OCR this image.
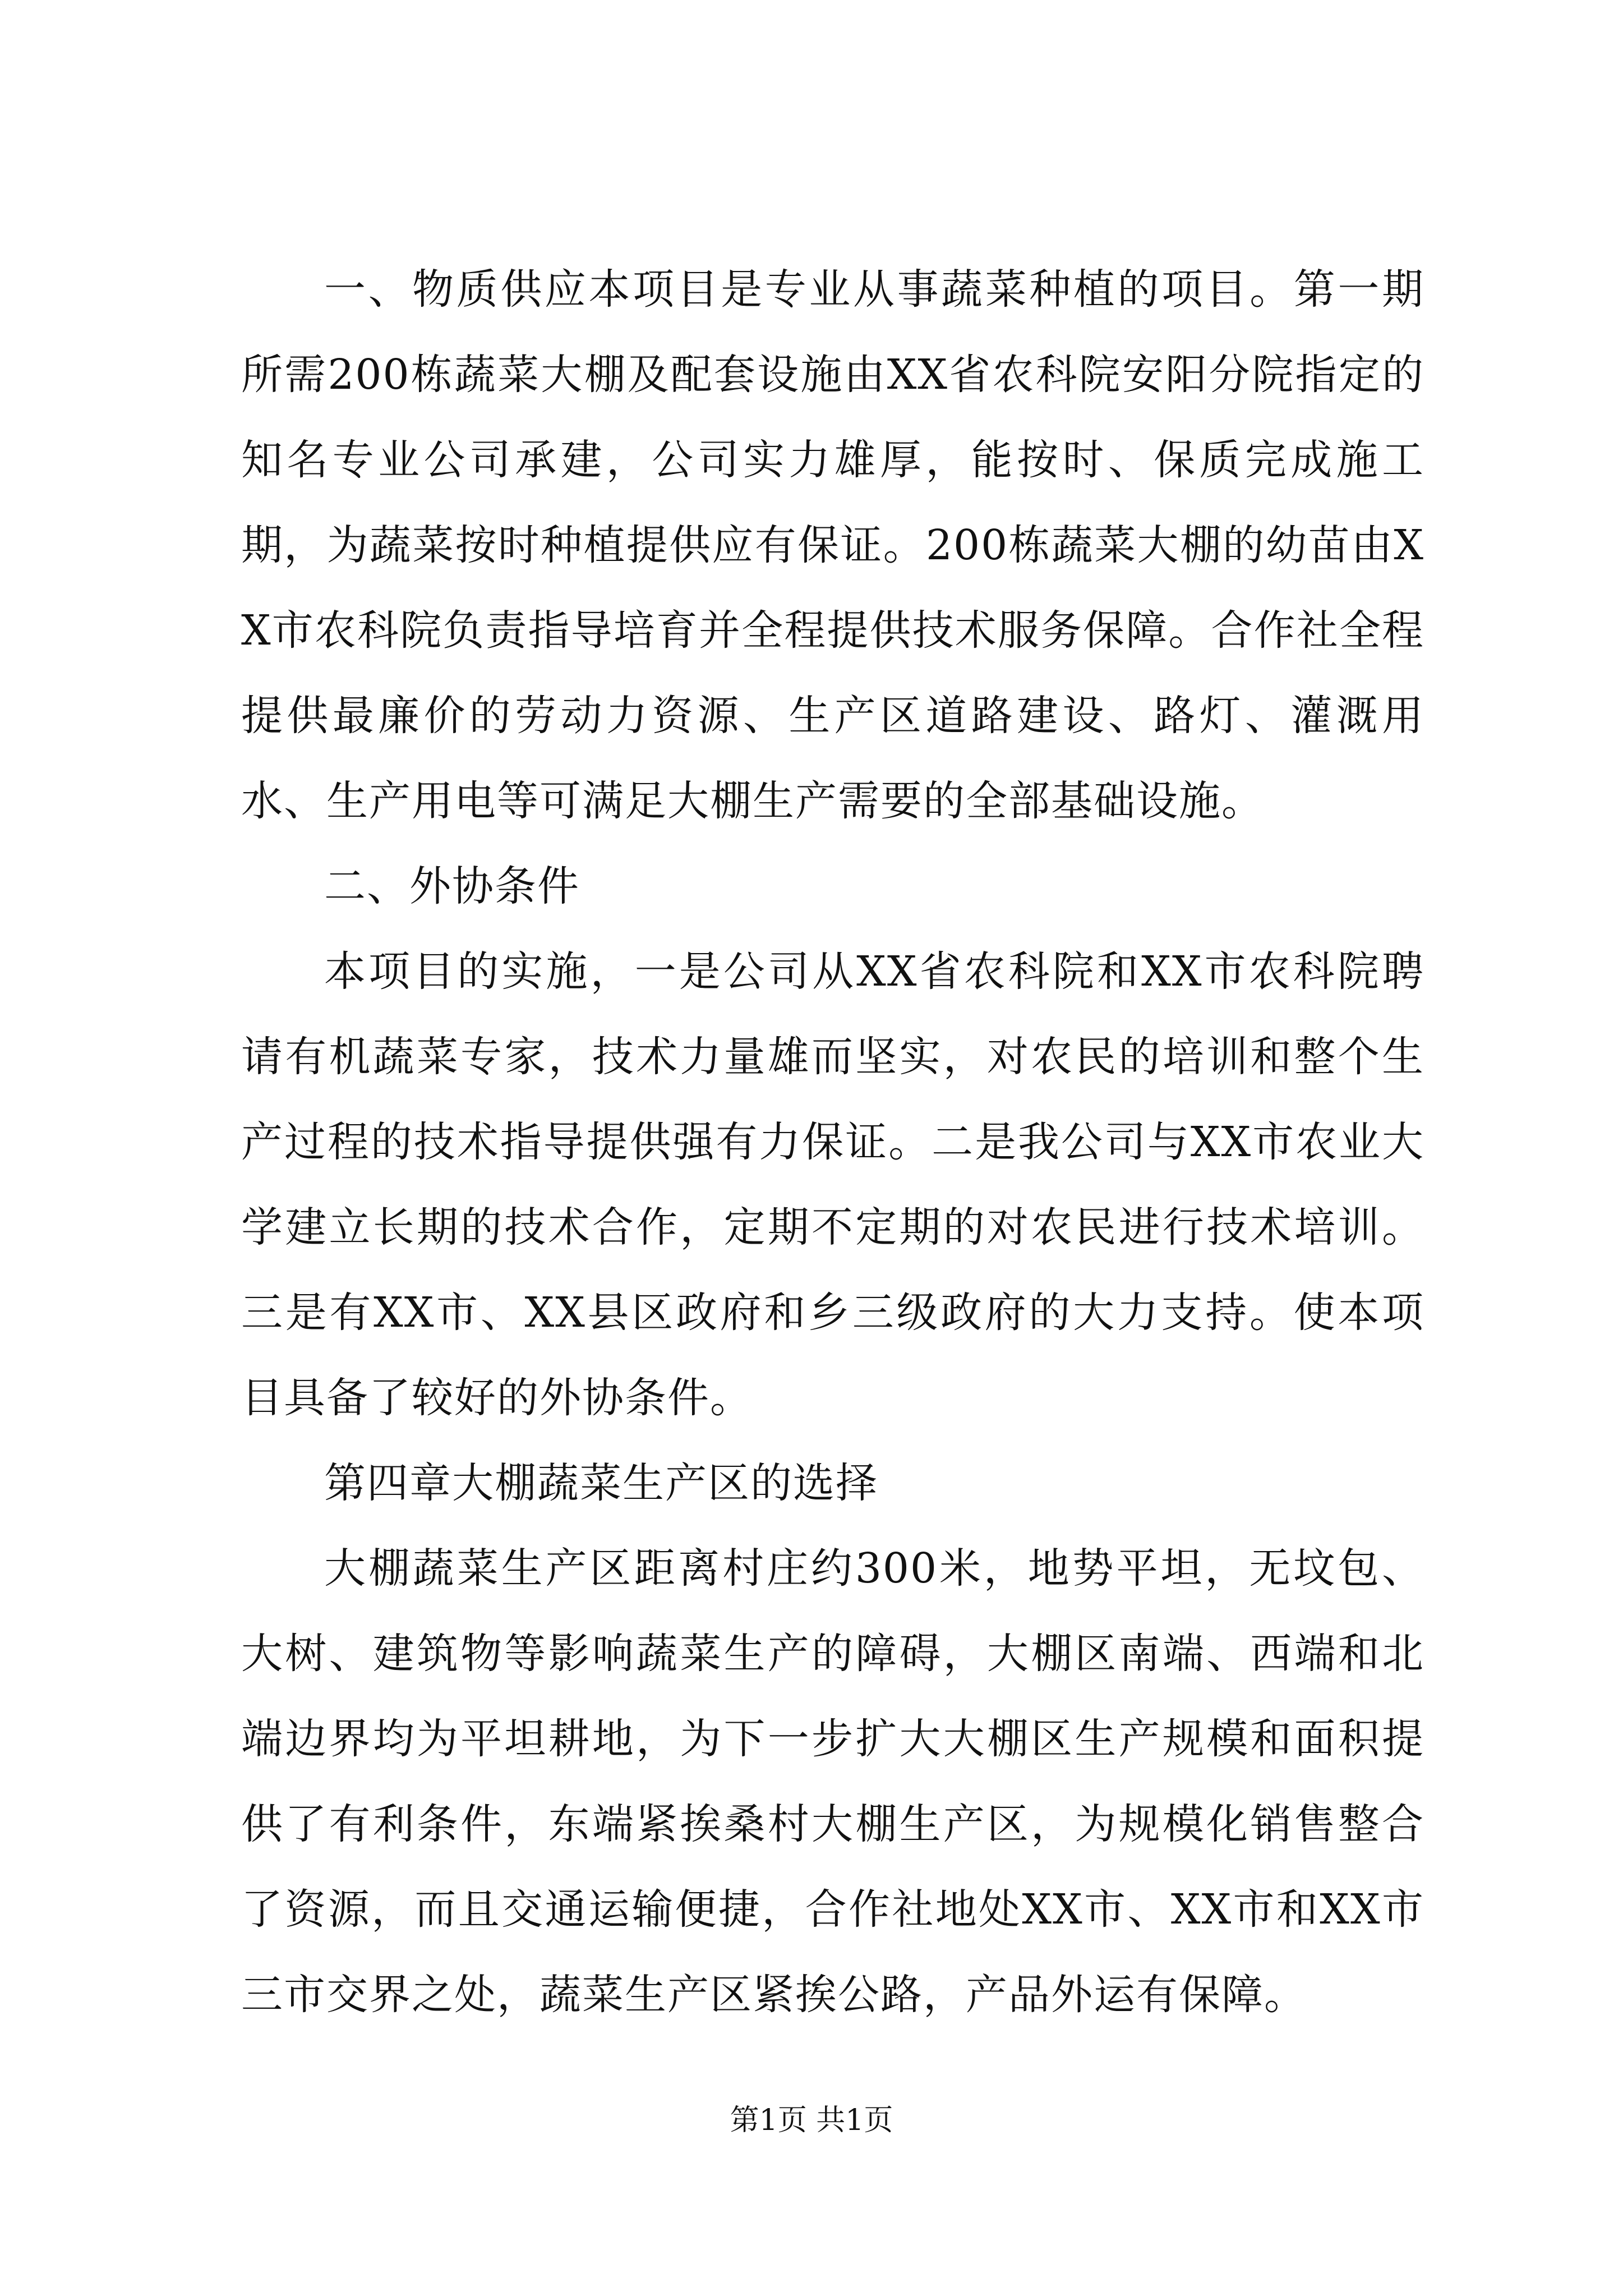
一、物质供应本项目是专业从事蔬菜种植的项目。第一期所需200栋蔬菜大棚及配套设施由XX省农科院安阳分院指定的知名专业公司承建，公司实力雄厚，能按时、保质完成施工期，为蔬菜按时种植提供应有保证。200栋蔬菜大棚的幼苗由XX市农科院负责指导培育并全程提供技术服务保障。合作社全程提供最廉价的劳动力资源、生产区道路建设、路灯、灌溉用水、生产用电等可满足大棚生产需要的全部基础设施。

二、外协条件

本项目的实施，一是公司从XX省农科院和XX市农科院聘请有机蔬菜专家，技术力量雄而坚实，对农民的培训和整个生产过程的技术指导提供强有力保证。二是我公司与XX市农业大学建立长期的技术合作，定期不定期的对农民进行技术培训。三是有XX市、XX县区政府和乡三级政府的大力支持。使本项目具备了较好的外协条件。

第四章大棚蔬菜生产区的选择

大棚蔬菜生产区距离村庄约300米，地势平坦，无坟包、大树、建筑物等影响蔬菜生产的障碍，大棚区南端、西端和北端边界均为平坦耕地，为下一步扩大大棚区生产规模和面积提供了有利条件，东端紧挨桑村大棚生产区，为规模化销售整合了资源，而且交通运输便捷，合作社地处XX市、XX市和XX市三市交界之处，蔬菜生产区紧挨公路，产品外运有保障。

第1页 共1页
